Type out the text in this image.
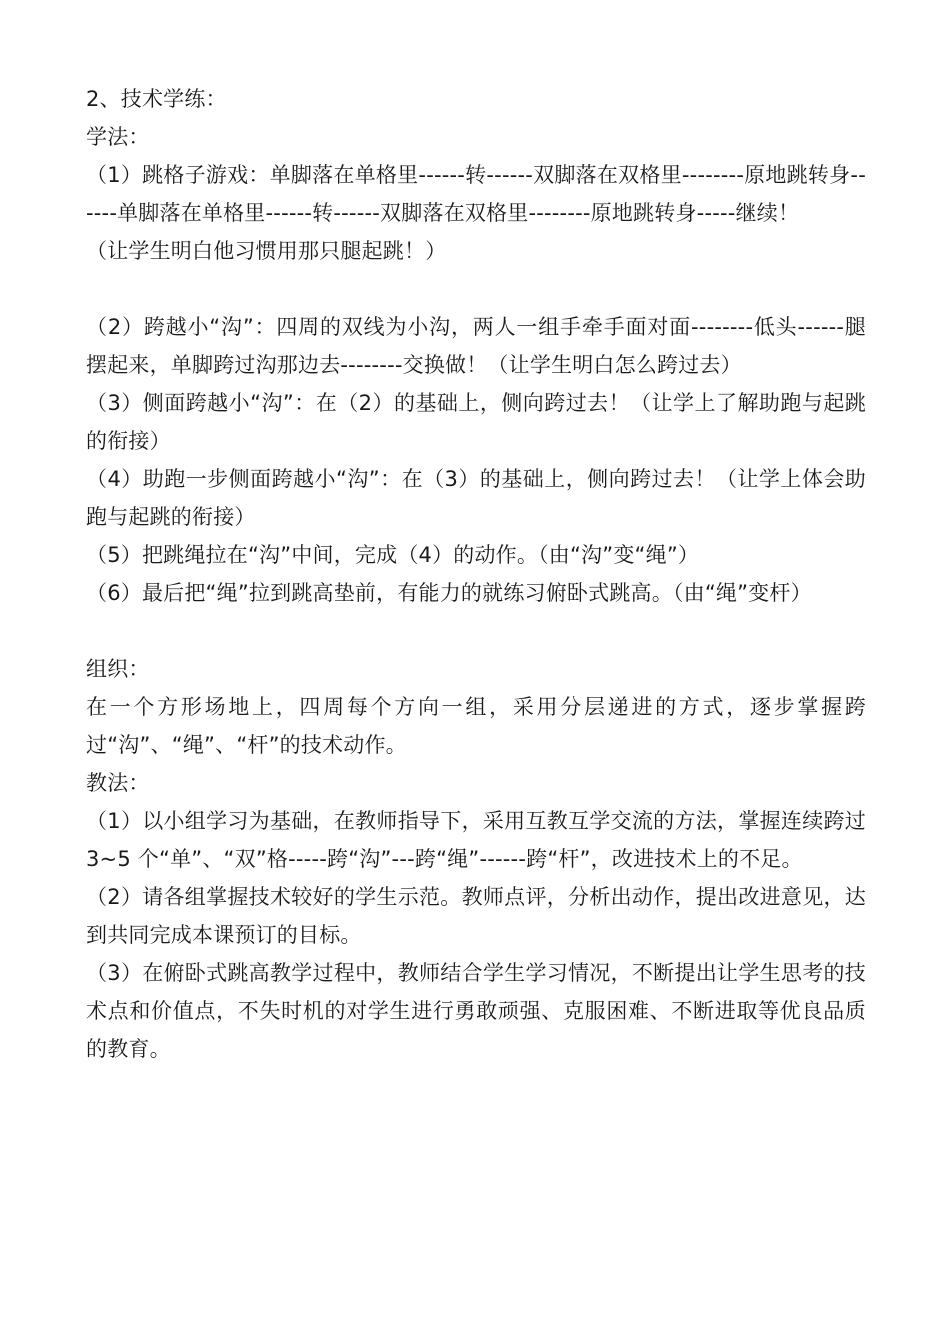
2、技术学练：

学法：

（1）跳格子游戏：单脚落在单格里------转------双脚落在双格里--------原地跳转身------单脚落在单格里------转------双脚落在双格里--------原地跳转身-----继续！

（让学生明白他习惯用那只腿起跳！）

（2）跨越小“沟”：四周的双线为小沟，两人一组手牵手面对面--------低头------腿摆起来，单脚跨过沟那边去--------交换做！（让学生明白怎么跨过去）

（3）侧面跨越小“沟”：在（2）的基础上，侧向跨过去！（让学上了解助跑与起跳的衔接）

（4）助跑一步侧面跨越小“沟”：在（3）的基础上，侧向跨过去！（让学上体会助跑与起跳的衔接）

（5）把跳绳拉在“沟”中间，完成（4）的动作。（由“沟”变“绳”）

（6）最后把“绳”拉到跳高垫前，有能力的就练习俯卧式跳高。（由“绳”变杆）

组织：

在一个方形场地上，四周每个方向一组，采用分层递进的方式，逐步掌握跨过“沟”、“绳”、“杆”的技术动作。

教法：

（1）以小组学习为基础，在教师指导下，采用互教互学交流的方法，掌握连续跨过 3~5 个“单”、“双”格-----跨“沟”---跨“绳”------跨“杆”，改进技术上的不足。

（2）请各组掌握技术较好的学生示范。教师点评，分析出动作，提出改进意见，达到共同完成本课预订的目标。

（3）在俯卧式跳高教学过程中，教师结合学生学习情况，不断提出让学生思考的技术点和价值点，不失时机的对学生进行勇敢顽强、克服困难、不断进取等优良品质的教育。
